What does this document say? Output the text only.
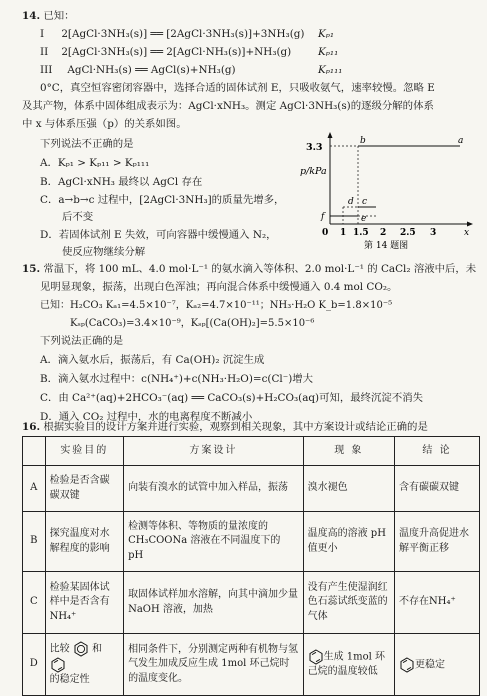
14. 已知：
I 2[AgCl·3NH₃(s)] ══ [2AgCl·3NH₃(s)]+3NH₃(g) Kₚ₁
II 2[AgCl·3NH₃(s)] ══ 2[AgCl·NH₃(s)]+NH₃(g)	Kₚ₁₁
III AgCl·NH₃(s) ══ AgCl(s)+NH₃(g)	Kₚ₁₁₁
0°C，真空恒容密闭容器中，选择合适的固体试剂 E，只吸收氨气，速率较慢。忽略 E
及其产物，体系中固体组成表示为：AgCl·xNH₃。测定 AgCl·3NH₃(s)的逐级分解的体系
中 x 与体系压强（p）的关系如图。
下列说法不正确的是
A．Kₚ₁ > Kₚ₁₁ > Kₚ₁₁₁
B．AgCl·xNH₃ 最终以 AgCl 存在
C．a→b→c 过程中，[2AgCl·3NH₃]的质量先增多，
后不变
D．若固体试剂 E 失效，可向容器中缓慢通入 N₂，
使反应物继续分解
p/kPa
3.3
a
b
c
d
e
f
0 1 1.5 2 2.5 3	x
第 14 题图
15. 常温下，将 100 mL、4.0 mol·L⁻¹ 的氨水滴入等体积、2.0 mol·L⁻¹ 的 CaCl₂ 溶液中后，未
见明显现象，振荡，出现白色浑浊；再向混合体系中缓慢通入 0.4 mol CO₂。
已知：H₂CO₃ Kₐ₁=4.5×10⁻⁷，Kₐ₂=4.7×10⁻¹¹；NH₃·H₂O K_b=1.8×10⁻⁵
Kₛₚ(CaCO₃)=3.4×10⁻⁹，Kₛₚ[(Ca(OH)₂]=5.5×10⁻⁶
下列说法正确的是
A．滴入氨水后，振荡后，有 Ca(OH)₂ 沉淀生成
B．滴入氨水过程中：c(NH₄⁺)+c(NH₃·H₂O)=c(Cl⁻)增大
C．由 Ca²⁺(aq)+2HCO₃⁻(aq) ══ CaCO₃(s)+H₂CO₃(aq)可知，最终沉淀不消失
D．通入 CO₂ 过程中，水的电离程度不断减小
16. 根据实验目的设计方案并进行实验，观察到相关现象，其中方案设计或结论正确的是
	实验目的	方案设计	现 象	结 论
A	检验是否含碳碳双键	向装有溴水的试管中加入样品，振荡	溴水褪色	含有碳碳双键
B	探究温度对水解程度的影响	检测等体积、等物质的量浓度的 CH₃COONa 溶液在不同温度下的 pH	温度高的溶液 pH 值更小	温度升高促进水解平衡正移
C	检验某固体试样中是否含有 NH₄⁺	取固体试样加水溶解，向其中滴加少量 NaOH 溶液，加热	没有产生使湿润红色石蕊试纸变蓝的气体	不存在NH₄⁺
D	比较 和
的稳定性	相同条件下，分别测定两种有机物与氢气发生加成反应生成 1mol 环己烷时的温度变化。	生成 1mol 环己烷的温度较低	更稳定
